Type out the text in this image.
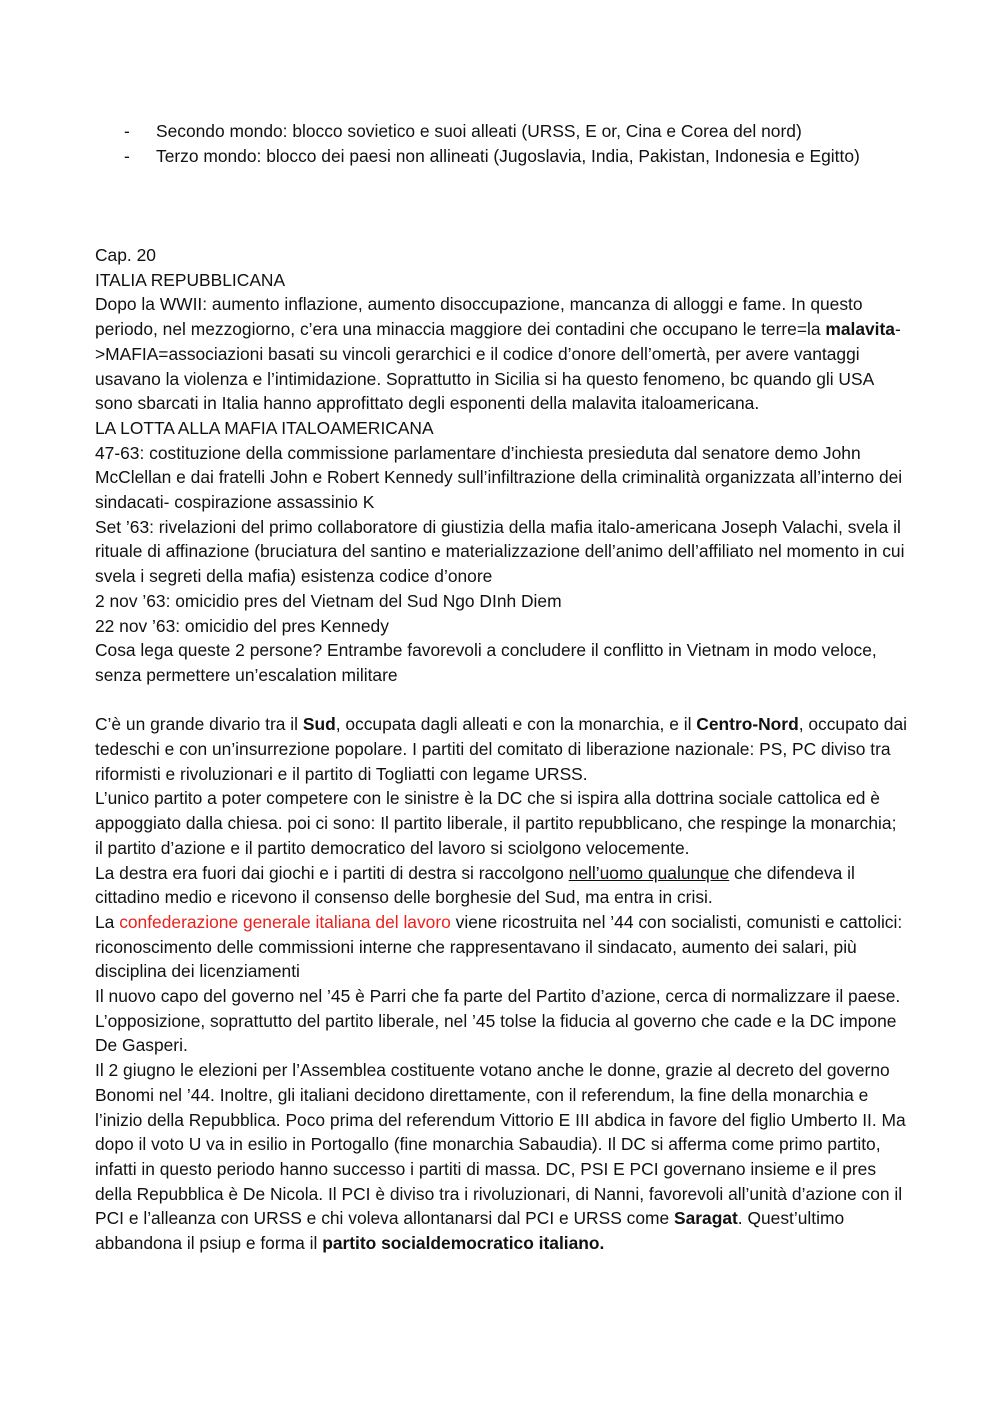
-	Secondo mondo: blocco sovietico e suoi alleati (URSS, E or, Cina e Corea del nord)
-	Terzo mondo: blocco dei paesi non allineati (Jugoslavia, India, Pakistan, Indonesia e Egitto)

Cap. 20

ITALIA REPUBBLICANA

Dopo la WWII: aumento inflazione, aumento disoccupazione, mancanza di alloggi e fame. In questo periodo, nel mezzogiorno, c’era una minaccia maggiore dei contadini che occupano le terre=la malavita->MAFIA=associazioni basati su vincoli gerarchici e il codice d’onore dell’omertà, per avere vantaggi usavano la violenza e l’intimidazione. Soprattutto in Sicilia si ha questo fenomeno, bc quando gli USA sono sbarcati in Italia hanno approfittato degli esponenti della malavita italoamericana.

LA LOTTA ALLA MAFIA ITALOAMERICANA

47-63: costituzione della commissione parlamentare d’inchiesta presieduta dal senatore demo John McClellan e dai fratelli John e Robert Kennedy sull’infiltrazione della criminalità organizzata all’interno dei sindacati- cospirazione assassinio K

Set ’63: rivelazioni del primo collaboratore di giustizia della mafia italo-americana Joseph Valachi, svela il rituale di affinazione (bruciatura del santino e materializzazione dell’animo dell’affiliato nel momento in cui svela i segreti della mafia) esistenza codice d’onore

2 nov ’63: omicidio pres del Vietnam del Sud Ngo DInh Diem

22 nov ’63: omicidio del pres Kennedy

Cosa lega queste 2 persone? Entrambe favorevoli a concludere il conflitto in Vietnam in modo veloce, senza permettere un’escalation militare

C’è un grande divario tra il Sud, occupata dagli alleati e con la monarchia, e il Centro-Nord, occupato dai tedeschi e con un’insurrezione popolare. I partiti del comitato di liberazione nazionale: PS, PC diviso tra riformisti e rivoluzionari e il partito di Togliatti con legame URSS.

L’unico partito a poter competere con le sinistre è la DC che si ispira alla dottrina sociale cattolica ed è appoggiato dalla chiesa. poi ci sono: Il partito liberale, il partito repubblicano, che respinge la monarchia; il partito d’azione e il partito democratico del lavoro si sciolgono velocemente.

La destra era fuori dai giochi e i partiti di destra si raccolgono nell’uomo qualunque che difendeva il cittadino medio e ricevono il consenso delle borghesie del Sud, ma entra in crisi.

La confederazione generale italiana del lavoro viene ricostruita nel ’44 con socialisti, comunisti e cattolici: riconoscimento delle commissioni interne che rappresentavano il sindacato, aumento dei salari, più disciplina dei licenziamenti

Il nuovo capo del governo nel ’45 è Parri che fa parte del Partito d’azione, cerca di normalizzare il paese. L’opposizione, soprattutto del partito liberale, nel ’45 tolse la fiducia al governo che cade e la DC impone De Gasperi.

Il 2 giugno le elezioni per l’Assemblea costituente votano anche le donne, grazie al decreto del governo Bonomi nel ’44. Inoltre, gli italiani decidono direttamente, con il referendum, la fine della monarchia e l’inizio della Repubblica. Poco prima del referendum Vittorio E III abdica in favore del figlio Umberto II. Ma dopo il voto U va in esilio in Portogallo (fine monarchia Sabaudia). Il DC si afferma come primo partito, infatti in questo periodo hanno successo i partiti di massa. DC, PSI E PCI governano insieme e il pres della Repubblica è De Nicola. Il PCI è diviso tra i rivoluzionari, di Nanni, favorevoli all’unità d’azione con il PCI e l’alleanza con URSS e chi voleva allontanarsi dal PCI e URSS come Saragat. Quest’ultimo abbandona il psiup e forma il partito socialdemocratico italiano.
